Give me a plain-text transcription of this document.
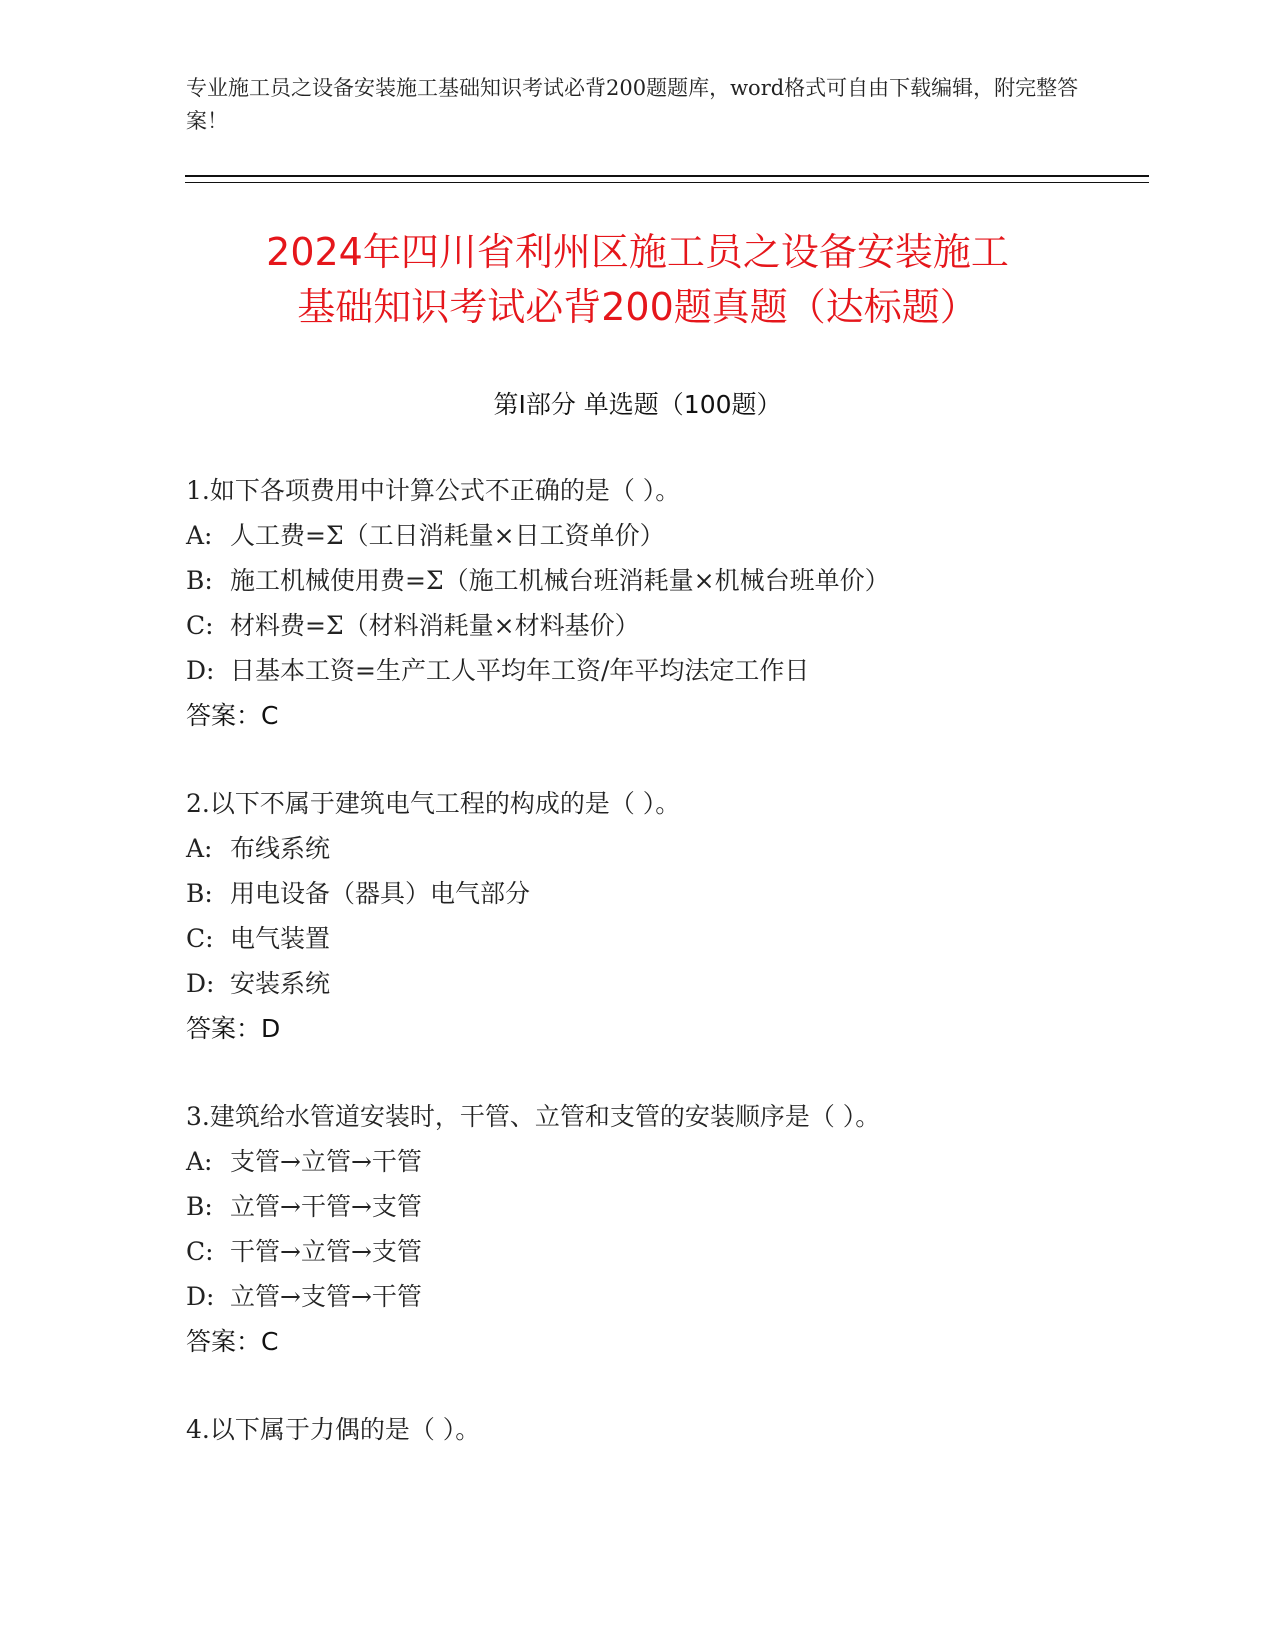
专业施工员之设备安装施工基础知识考试必背200题题库，word格式可自由下载编辑，附完整答案！
2024年四川省利州区施工员之设备安装施工
基础知识考试必背200题真题（达标题）
第Ⅰ部分 单选题（100题）
1.如下各项费用中计算公式不正确的是（ ）。
A: 人工费=Σ（工日消耗量×日工资单价）
B: 施工机械使用费=Σ（施工机械台班消耗量×机械台班单价）
C: 材料费=Σ（材料消耗量×材料基价）
D: 日基本工资=生产工人平均年工资/年平均法定工作日
答案：C
2.以下不属于建筑电气工程的构成的是（ ）。
A: 布线系统
B: 用电设备（器具）电气部分
C: 电气装置
D: 安装系统
答案：D
3.建筑给水管道安装时，干管、立管和支管的安装顺序是（ ）。
A: 支管→立管→干管
B: 立管→干管→支管
C: 干管→立管→支管
D: 立管→支管→干管
答案：C
4.以下属于力偶的是（ ）。
